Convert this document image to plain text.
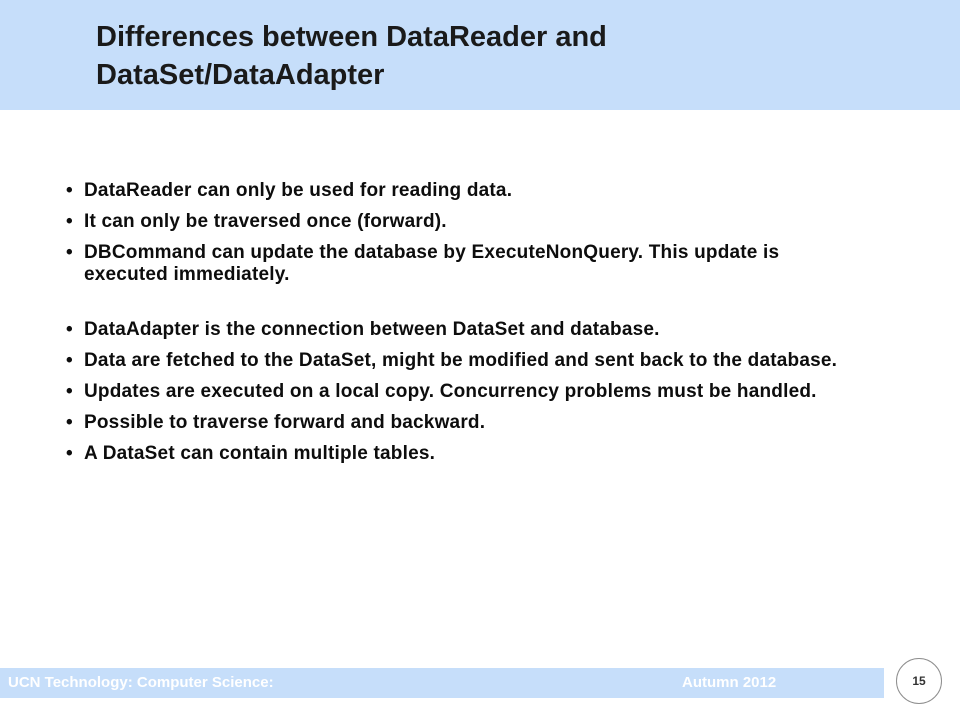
Differences between DataReader and DataSet/DataAdapter
• DataReader can only be used for reading data.
• It can only be traversed once (forward).
• DBCommand can update the database by ExecuteNonQuery. This update is executed immediately.
• DataAdapter is the connection between DataSet and database.
• Data are fetched to the DataSet, might be modified and sent back to the database.
• Updates are executed on a local copy. Concurrency problems must be handled.
• Possible to traverse forward and backward.
• A DataSet can contain multiple tables.
UCN Technology: Computer Science:	Autumn 2012	15
